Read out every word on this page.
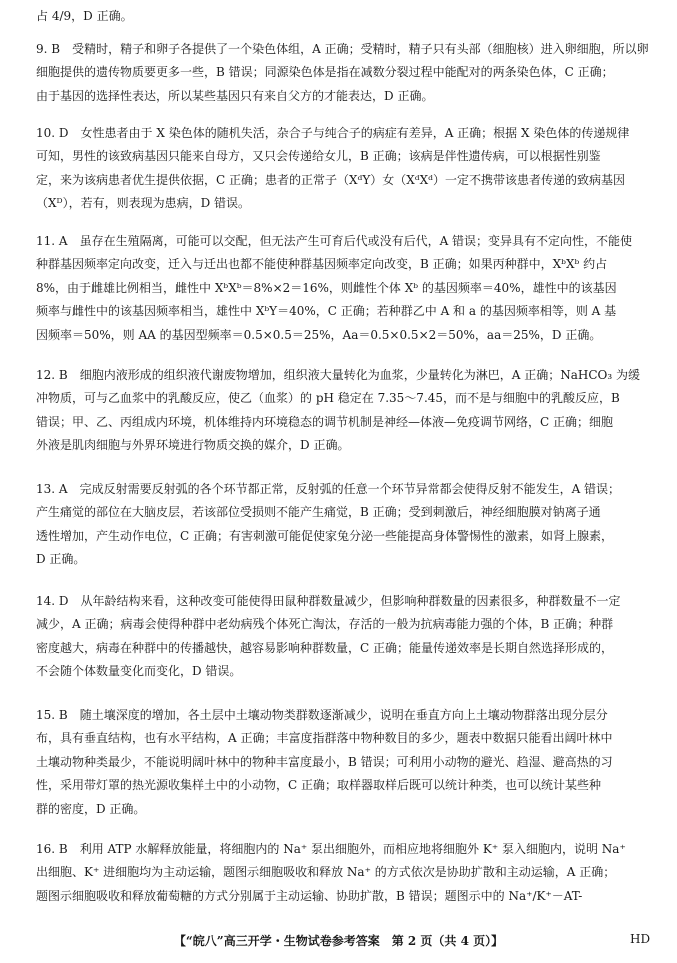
占 4/9，D 正确。
9. B　受精时，精子和卵子各提供了一个染色体组，A 正确；受精时，精子只有头部（细胞核）进入卵细胞，所以卵
细胞提供的遗传物质要更多一些，B 错误；同源染色体是指在减数分裂过程中能配对的两条染色体，C 正确；
由于基因的选择性表达，所以某些基因只有来自父方的才能表达，D 正确。
10. D　女性患者由于 X 染色体的随机失活，杂合子与纯合子的病症有差异，A 正确；根据 X 染色体的传递规律
可知，男性的该致病基因只能来自母方，又只会传递给女儿，B 正确；该病是伴性遗传病，可以根据性别鉴
定，来为该病患者优生提供依据，C 正确；患者的正常子（XᵈY）女（XᵈXᵈ）一定不携带该患者传递的致病基因
（Xᴰ），若有，则表现为患病，D 错误。
11. A　虽存在生殖隔离，可能可以交配，但无法产生可育后代或没有后代，A 错误；变异具有不定向性，不能使
种群基因频率定向改变，迁入与迁出也都不能使种群基因频率定向改变，B 正确；如果丙种群中，XᵇXᵇ 约占
8%，由于雌雄比例相当，雌性中 XᵇXᵇ＝8%×2＝16%，则雌性个体 Xᵇ 的基因频率＝40%，雄性中的该基因
频率与雌性中的该基因频率相当，雄性中 XᵇY＝40%，C 正确；若种群乙中 A 和 a 的基因频率相等，则 A 基
因频率＝50%，则 AA 的基因型频率＝0.5×0.5＝25%，Aa＝0.5×0.5×2＝50%，aa＝25%，D 正确。
12. B　细胞内液形成的组织液代谢废物增加，组织液大量转化为血浆，少量转化为淋巴，A 正确；NaHCO₃ 为缓
冲物质，可与乙血浆中的乳酸反应，使乙（血浆）的 pH 稳定在 7.35～7.45，而不是与细胞中的乳酸反应，B
错误；甲、乙、丙组成内环境，机体维持内环境稳态的调节机制是神经—体液—免疫调节网络，C 正确；细胞
外液是肌肉细胞与外界环境进行物质交换的媒介，D 正确。
13. A　完成反射需要反射弧的各个环节都正常，反射弧的任意一个环节异常都会使得反射不能发生，A 错误；
产生痛觉的部位在大脑皮层，若该部位受损则不能产生痛觉，B 正确；受到刺激后，神经细胞膜对钠离子通
透性增加，产生动作电位，C 正确；有害刺激可能促使家兔分泌一些能提高身体警惕性的激素，如肾上腺素，
D 正确。
14. D　从年龄结构来看，这种改变可能使得田鼠种群数量减少，但影响种群数量的因素很多，种群数量不一定
减少，A 正确；病毒会使得种群中老幼病残个体死亡淘汰，存活的一般为抗病毒能力强的个体，B 正确；种群
密度越大，病毒在种群中的传播越快，越容易影响种群数量，C 正确；能量传递效率是长期自然选择形成的，
不会随个体数量变化而变化，D 错误。
15. B　随土壤深度的增加，各土层中土壤动物类群数逐渐减少，说明在垂直方向上土壤动物群落出现分层分
布，具有垂直结构，也有水平结构，A 正确；丰富度指群落中物种数目的多少，题表中数据只能看出阔叶林中
土壤动物种类最少，不能说明阔叶林中的物种丰富度最小，B 错误；可利用小动物的避光、趋湿、避高热的习
性，采用带灯罩的热光源收集样土中的小动物，C 正确；取样器取样后既可以统计种类，也可以统计某些种
群的密度，D 正确。
16. B　利用 ATP 水解释放能量，将细胞内的 Na⁺ 泵出细胞外，而相应地将细胞外 K⁺ 泵入细胞内，说明 Na⁺
出细胞、K⁺ 进细胞均为主动运输，题图示细胞吸收和释放 Na⁺ 的方式依次是协助扩散和主动运输，A 正确；
题图示细胞吸收和释放葡萄糖的方式分别属于主动运输、协助扩散，B 错误；题图示中的 Na⁺/K⁺－AT-
【“皖八”高三开学・生物试卷参考答案　第 2 页（共 4 页）】	HD
